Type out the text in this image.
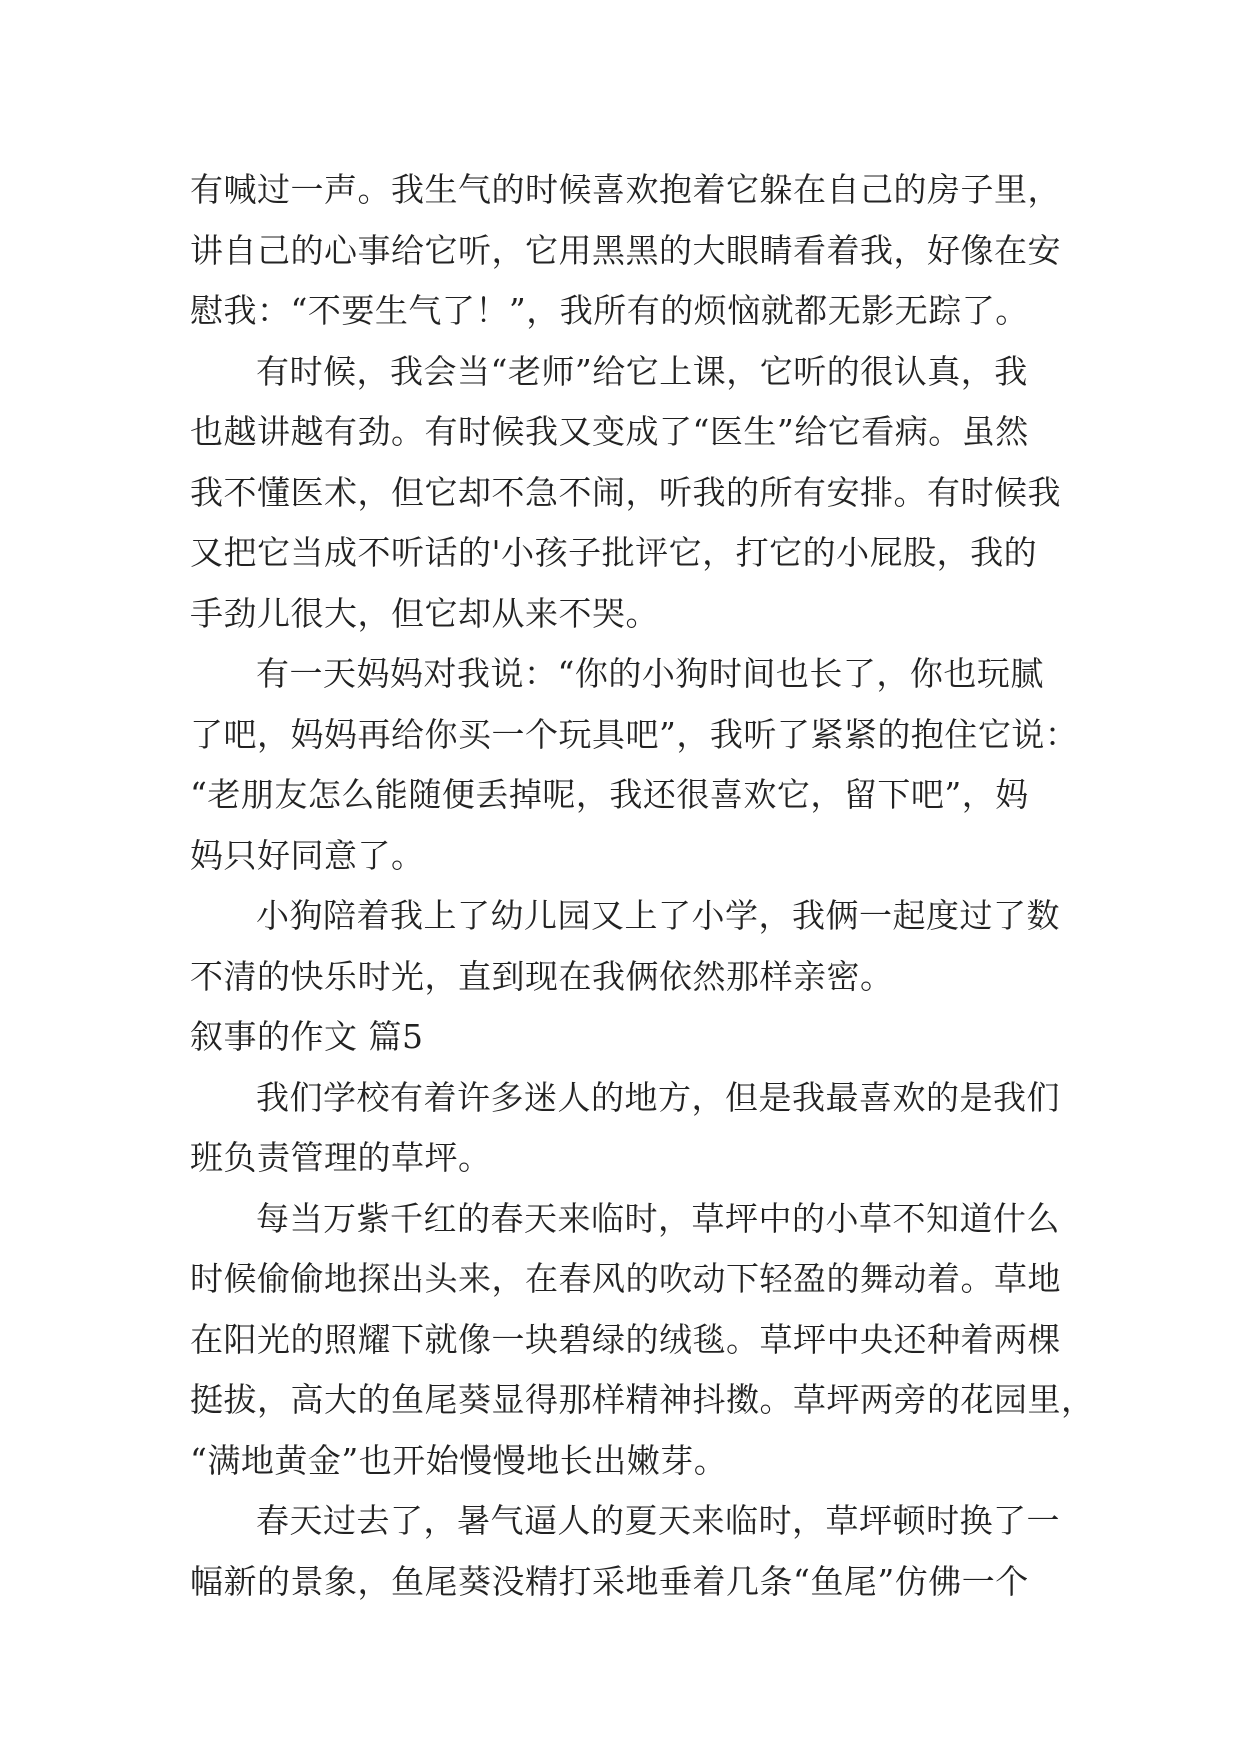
有喊过一声。我生气的时候喜欢抱着它躲在自己的房子里，
讲自己的心事给它听，它用黑黑的大眼睛看着我，好像在安
慰我：“不要生气了！”，我所有的烦恼就都无影无踪了。
有时候，我会当“老师”给它上课，它听的很认真，我
也越讲越有劲。有时候我又变成了“医生”给它看病。虽然
我不懂医术，但它却不急不闹，听我的所有安排。有时候我
又把它当成不听话的'小孩子批评它，打它的小屁股，我的
手劲儿很大，但它却从来不哭。
有一天妈妈对我说：“你的小狗时间也长了，你也玩腻
了吧，妈妈再给你买一个玩具吧”，我听了紧紧的抱住它说：
“老朋友怎么能随便丢掉呢，我还很喜欢它，留下吧”，妈
妈只好同意了。
小狗陪着我上了幼儿园又上了小学，我俩一起度过了数
不清的快乐时光，直到现在我俩依然那样亲密。
叙事的作文 篇5
我们学校有着许多迷人的地方，但是我最喜欢的是我们
班负责管理的草坪。
每当万紫千红的春天来临时，草坪中的小草不知道什么
时候偷偷地探出头来，在春风的吹动下轻盈的舞动着。草地
在阳光的照耀下就像一块碧绿的绒毯。草坪中央还种着两棵
挺拔，高大的鱼尾葵显得那样精神抖擞。草坪两旁的花园里，
“满地黄金”也开始慢慢地长出嫩芽。
春天过去了，暑气逼人的夏天来临时，草坪顿时换了一
幅新的景象，鱼尾葵没精打采地垂着几条“鱼尾”仿佛一个
